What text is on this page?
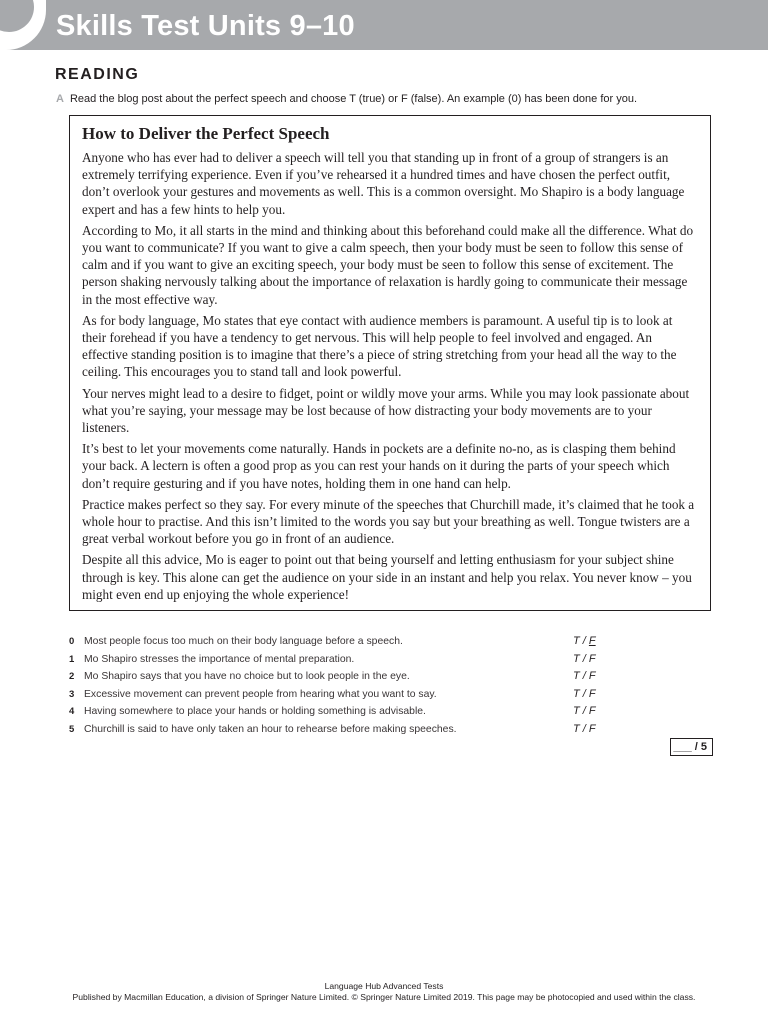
Skills Test Units 9–10
READING
A Read the blog post about the perfect speech and choose T (true) or F (false). An example (0) has been done for you.
How to Deliver the Perfect Speech

Anyone who has ever had to deliver a speech will tell you that standing up in front of a group of strangers is an extremely terrifying experience. Even if you’ve rehearsed it a hundred times and have chosen the perfect outfit, don’t overlook your gestures and movements as well. This is a common oversight. Mo Shapiro is a body language expert and has a few hints to help you.

According to Mo, it all starts in the mind and thinking about this beforehand could make all the difference. What do you want to communicate? If you want to give a calm speech, then your body must be seen to follow this sense of calm and if you want to give an exciting speech, your body must be seen to follow this sense of excitement. The person shaking nervously talking about the importance of relaxation is hardly going to communicate their message in the most effective way.

As for body language, Mo states that eye contact with audience members is paramount. A useful tip is to look at their forehead if you have a tendency to get nervous. This will help people to feel involved and engaged. An effective standing position is to imagine that there’s a piece of string stretching from your head all the way to the ceiling. This encourages you to stand tall and look powerful.

Your nerves might lead to a desire to fidget, point or wildly move your arms. While you may look passionate about what you’re saying, your message may be lost because of how distracting your body movements are to your listeners.

It’s best to let your movements come naturally. Hands in pockets are a definite no-no, as is clasping them behind your back. A lectern is often a good prop as you can rest your hands on it during the parts of your speech which don’t require gesturing and if you have notes, holding them in one hand can help.

Practice makes perfect so they say. For every minute of the speeches that Churchill made, it’s claimed that he took a whole hour to practise. And this isn’t limited to the words you say but your breathing as well. Tongue twisters are a great verbal workout before you go in front of an audience.

Despite all this advice, Mo is eager to point out that being yourself and letting enthusiasm for your subject shine through is key. This alone can get the audience on your side in an instant and help you relax. You never know – you might even end up enjoying the whole experience!

0 Most people focus too much on their body language before a speech.	T / F
1 Mo Shapiro stresses the importance of mental preparation.	T / F
2 Mo Shapiro says that you have no choice but to look people in the eye.	T / F
3 Excessive movement can prevent people from hearing what you want to say.	T / F
4 Having somewhere to place your hands or holding something is advisable.	T / F
5 Churchill is said to have only taken an hour to rehearse before making speeches.	T / F
___ / 5
Language Hub Advanced Tests
Published by Macmillan Education, a division of Springer Nature Limited. © Springer Nature Limited 2019. This page may be photocopied and used within the class.
